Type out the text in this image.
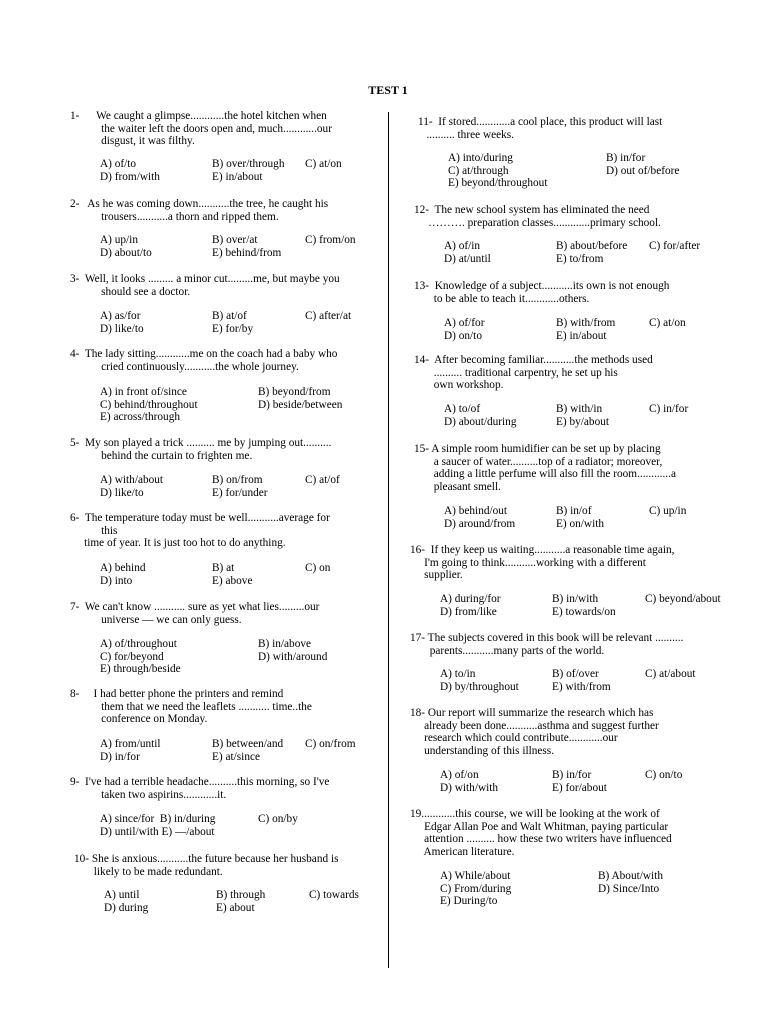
TEST 1
1-      We caught a glimpse............the hotel kitchen when
the waiter left the doors open and, much............our
disgust, it was filthy.
A) of/to	B) over/through C) at/on
D) from/with	E) in/about
2-   As he was coming down...........the tree, he caught his
trousers...........a thorn and ripped them.
A) up/in	B) over/at	C) from/on
D) about/to	E) behind/from
3-  Well, it looks ......... a minor cut.........me, but maybe you
should see a doctor.
A) as/for	B) at/of	C) after/at
D) like/to	E) for/by
4-  The lady sitting............me on the coach had a baby who
cried continuously...........the whole journey.
A) in front of/since	B) beyond/from
C) behind/throughout	D) beside/between
E) across/through
5-  My son played a trick .......... me by jumping out..........
behind the curtain to frighten me.
A) with/about	B) on/from	C) at/of
D) like/to	E) for/under
6-  The temperature today must be well...........average for
this
time of year. It is just too hot to do anything.
A) behind	B) at	C) on
D) into	E) above
7-  We can't know ........... sure as yet what lies.........our
universe — we can only guess.
A) of/throughout	B) in/above
C) for/beyond	D) with/around
E) through/beside
8-     I had better phone the printers and remind
them that we need the leaflets ........... time..the
conference on Monday.
A) from/until	B) between/and C) on/from
D) in/for	E) at/since
9-  I've had a terrible headache..........this morning, so I've
taken two aspirins............it.
A) since/for  B) in/during	C) on/by
D) until/with E) —/about
10- She is anxious...........the future because her husband is
likely to be made redundant.
A) until	B) through	C) towards
D) during	E) about
11-  If stored............a cool place, this product will last
.......... three weeks.
A) into/during	B) in/for
C) at/through	D) out of/before
E) beyond/throughout
12-  The new school system has eliminated the need
………. preparation classes.............primary school.
A) of/in	B) about/before C) for/after
D) at/until	E) to/from
13-  Knowledge of a subject...........its own is not enough
to be able to teach it............others.
A) of/for	B) with/from	C) at/on
D) on/to	E) in/about
14-  After becoming familiar...........the methods used
.......... traditional carpentry, he set up his
own workshop.
A) to/of	B) with/in	C) in/for
D) about/during	E) by/about
15- A simple room humidifier can be set up by placing
a saucer of water..........top of a radiator; moreover,
adding a little perfume will also fill the room............a
pleasant smell.
A) behind/out	B) in/of	C) up/in
D) around/from	E) on/with
16-  If they keep us waiting...........a reasonable time again,
I'm going to think...........working with a different
supplier.
A) during/for	B) in/with	C) beyond/about
D) from/like	E) towards/on
17- The subjects covered in this book will be relevant ..........
parents...........many parts of the world.
A) to/in	B) of/over	C) at/about
D) by/throughout	E) with/from
18- Our report will summarize the research which has
already been done...........asthma and suggest further
research which could contribute............our
understanding of this illness.
A) of/on	B) in/for	C) on/to
D) with/with	E) for/about
19............this course, we will be looking at the work of
Edgar Allan Poe and Walt Whitman, paying particular
attention .......... how these two writers have influenced
American literature.
A) While/about	B) About/with
C) From/during	D) Since/Into
E) During/to
